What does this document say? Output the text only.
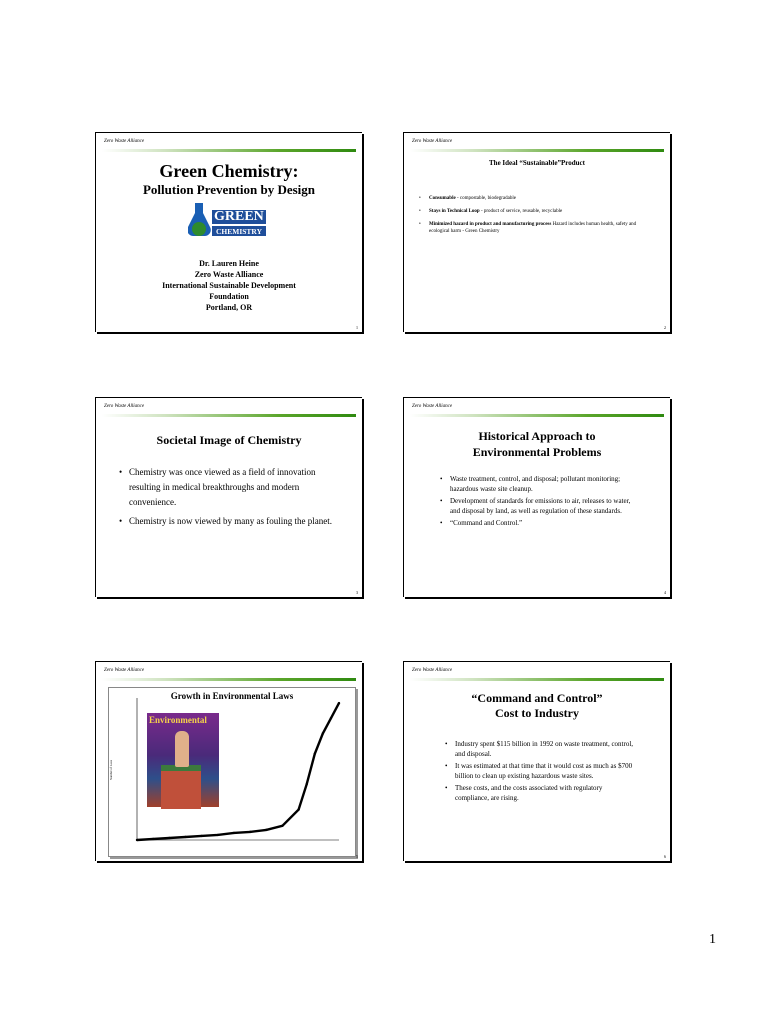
Zero Waste Alliance
Green Chemistry:
Pollution Prevention by Design
GREEN
CHEMISTRY
Dr. Lauren Heine
Zero Waste Alliance
International Sustainable Development
Foundation
Portland, OR
1
Zero Waste Alliance
The Ideal “Sustainable”Product
• Consumable - compostable, biodegradable
• Stays in Technical Loop - product of service, reusable, recyclable
• Minimized hazard in product and manufacturing process Hazard includes human health, safety and ecological harm - Green Chemistry
2
Zero Waste Alliance
Societal Image of Chemistry
• Chemistry was once viewed as a field of innovation resulting in medical breakthroughs and modern convenience.
• Chemistry is now viewed by many as fouling the planet.
3
Zero Waste Alliance
Historical Approach to
Environmental Problems
• Waste treatment, control, and disposal; pollutant monitoring; hazardous waste site cleanup.
• Development of standards for emissions to air, releases to water, and disposal by land, as well as regulation of these standards.
• “Command and Control.”
4
Zero Waste Alliance
Growth in Environmental Laws
Environmental
Number of Laws
5
Zero Waste Alliance
“Command and Control”
Cost to Industry
• Industry spent $115 billion in 1992 on waste treatment, control, and disposal.
• It was estimated at that time that it would cost as much as $700 billion to clean up existing hazardous waste sites.
• These costs, and the costs associated with regulatory compliance, are rising.
6
1
